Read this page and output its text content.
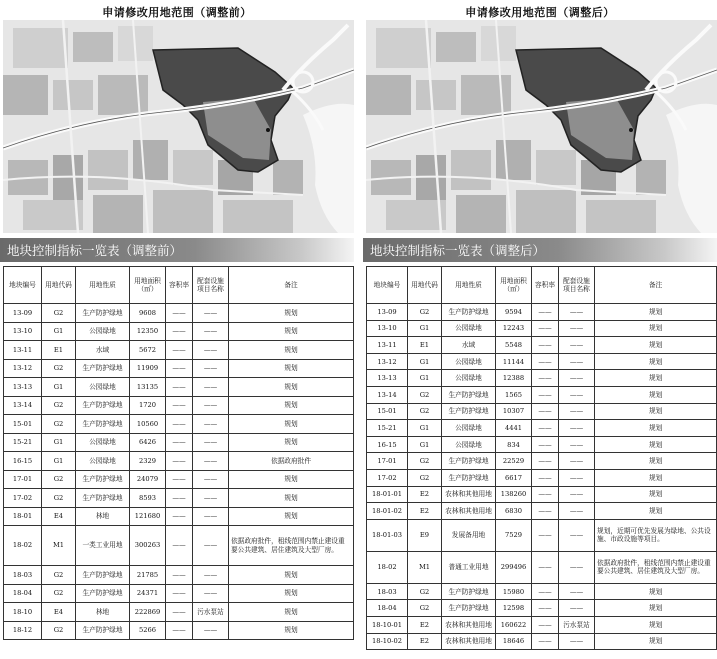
申请修改用地范围（调整前）
地块控制指标一览表（调整前）
地块编号	用地代码	用地性质	用地面积（㎡）	容积率	配套设施项目名称	备注
13-09	G2	生产防护绿地	9608	——	——	规划
13-10	G1	公园绿地	12350	——	——	规划
13-11	E1	水域	5672	——	——	规划
13-12	G2	生产防护绿地	11909	——	——	规划
13-13	G1	公园绿地	13135	——	——	规划
13-14	G2	生产防护绿地	1720	——	——	规划
15-01	G2	生产防护绿地	10560	——	——	规划
15-21	G1	公园绿地	6426	——	——	规划
16-15	G1	公园绿地	2329	——	——	依据政府批件
17-01	G2	生产防护绿地	24079	——	——	规划
17-02	G2	生产防护绿地	8593	——	——	规划
18-01	E4	林地	121680	——	——	规划
18-02	M1	一类工业用地	300263	——	——	依据政府批件，租线范围内禁止建设重要公共建筑、居住建筑及大型厂房。
18-03	G2	生产防护绿地	21785	——	——	规划
18-04	G2	生产防护绿地	24371	——	——	规划
18-10	E4	林地	222869	——	污水泵站	规划
18-12	G2	生产防护绿地	5266	——	——	规划
申请修改用地范围（调整后）
地块控制指标一览表（调整后）
地块编号	用地代码	用地性质	用地面积（㎡）	容积率	配套设施项目名称	备注
13-09	G2	生产防护绿地	9594	——	——	规划
13-10	G1	公园绿地	12243	——	——	规划
13-11	E1	水域	5548	——	——	规划
13-12	G1	公园绿地	11144	——	——	规划
13-13	G1	公园绿地	12388	——	——	规划
13-14	G2	生产防护绿地	1565	——	——	规划
15-01	G2	生产防护绿地	10307	——	——	规划
15-21	G1	公园绿地	4441	——	——	规划
16-15	G1	公园绿地	834	——	——	规划
17-01	G2	生产防护绿地	22529	——	——	规划
17-02	G2	生产防护绿地	6617	——	——	规划
18-01-01	E2	农林和其他用地	138260	——	——	规划
18-01-02	E2	农林和其他用地	6830	——	——	规划
18-01-03	E9	发展备用地	7529	——	——	规划，近期可优先发展为绿地、公共设施、市政设施等项目。
18-02	M1	普通工业用地	299496	——	——	依据政府批件，租线范围内禁止建设重要公共建筑、居住建筑及大型厂房。
18-03	G2	生产防护绿地	15980	——	——	规划
18-04	G2	生产防护绿地	12598	——	——	规划
18-10-01	E2	农林和其他用地	160622	——	污水泵站	规划
18-10-02	E2	农林和其他用地	18646	——	——	规划
